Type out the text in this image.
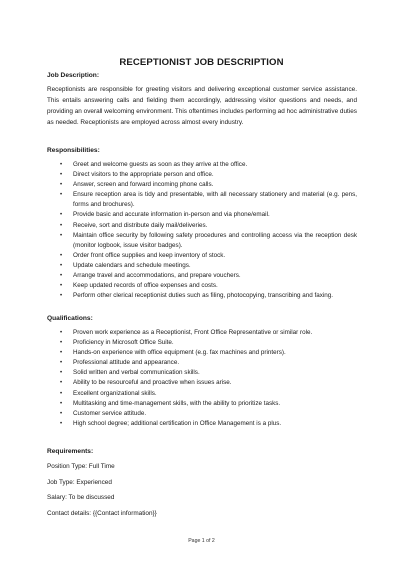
RECEPTIONIST JOB DESCRIPTION
Job Description:
Receptionists are responsible for greeting visitors and delivering exceptional customer service assistance. This entails answering calls and fielding them accordingly, addressing visitor questions and needs, and providing an overall welcoming environment. This oftentimes includes performing ad hoc administrative duties as needed. Receptionists are employed across almost every industry.
Responsibilities:
• Greet and welcome guests as soon as they arrive at the office.
• Direct visitors to the appropriate person and office.
• Answer, screen and forward incoming phone calls.
• Ensure reception area is tidy and presentable, with all necessary stationery and material (e.g. pens, forms and brochures).
• Provide basic and accurate information in-person and via phone/email.
• Receive, sort and distribute daily mail/deliveries.
• Maintain office security by following safety procedures and controlling access via the reception desk (monitor logbook, issue visitor badges).
• Order front office supplies and keep inventory of stock.
• Update calendars and schedule meetings.
• Arrange travel and accommodations, and prepare vouchers.
• Keep updated records of office expenses and costs.
• Perform other clerical receptionist duties such as filing, photocopying, transcribing and faxing.
Qualifications:
• Proven work experience as a Receptionist, Front Office Representative or similar role.
• Proficiency in Microsoft Office Suite.
• Hands-on experience with office equipment (e.g. fax machines and printers).
• Professional attitude and appearance.
• Solid written and verbal communication skills.
• Ability to be resourceful and proactive when issues arise.
• Excellent organizational skills.
• Multitasking and time-management skills, with the ability to prioritize tasks.
• Customer service attitude.
• High school degree; additional certification in Office Management is a plus.
Requirements:
Position Type: Full Time
Job Type: Experienced
Salary: To be discussed
Contact details: {{Contact information}}
Page 1 of 2
